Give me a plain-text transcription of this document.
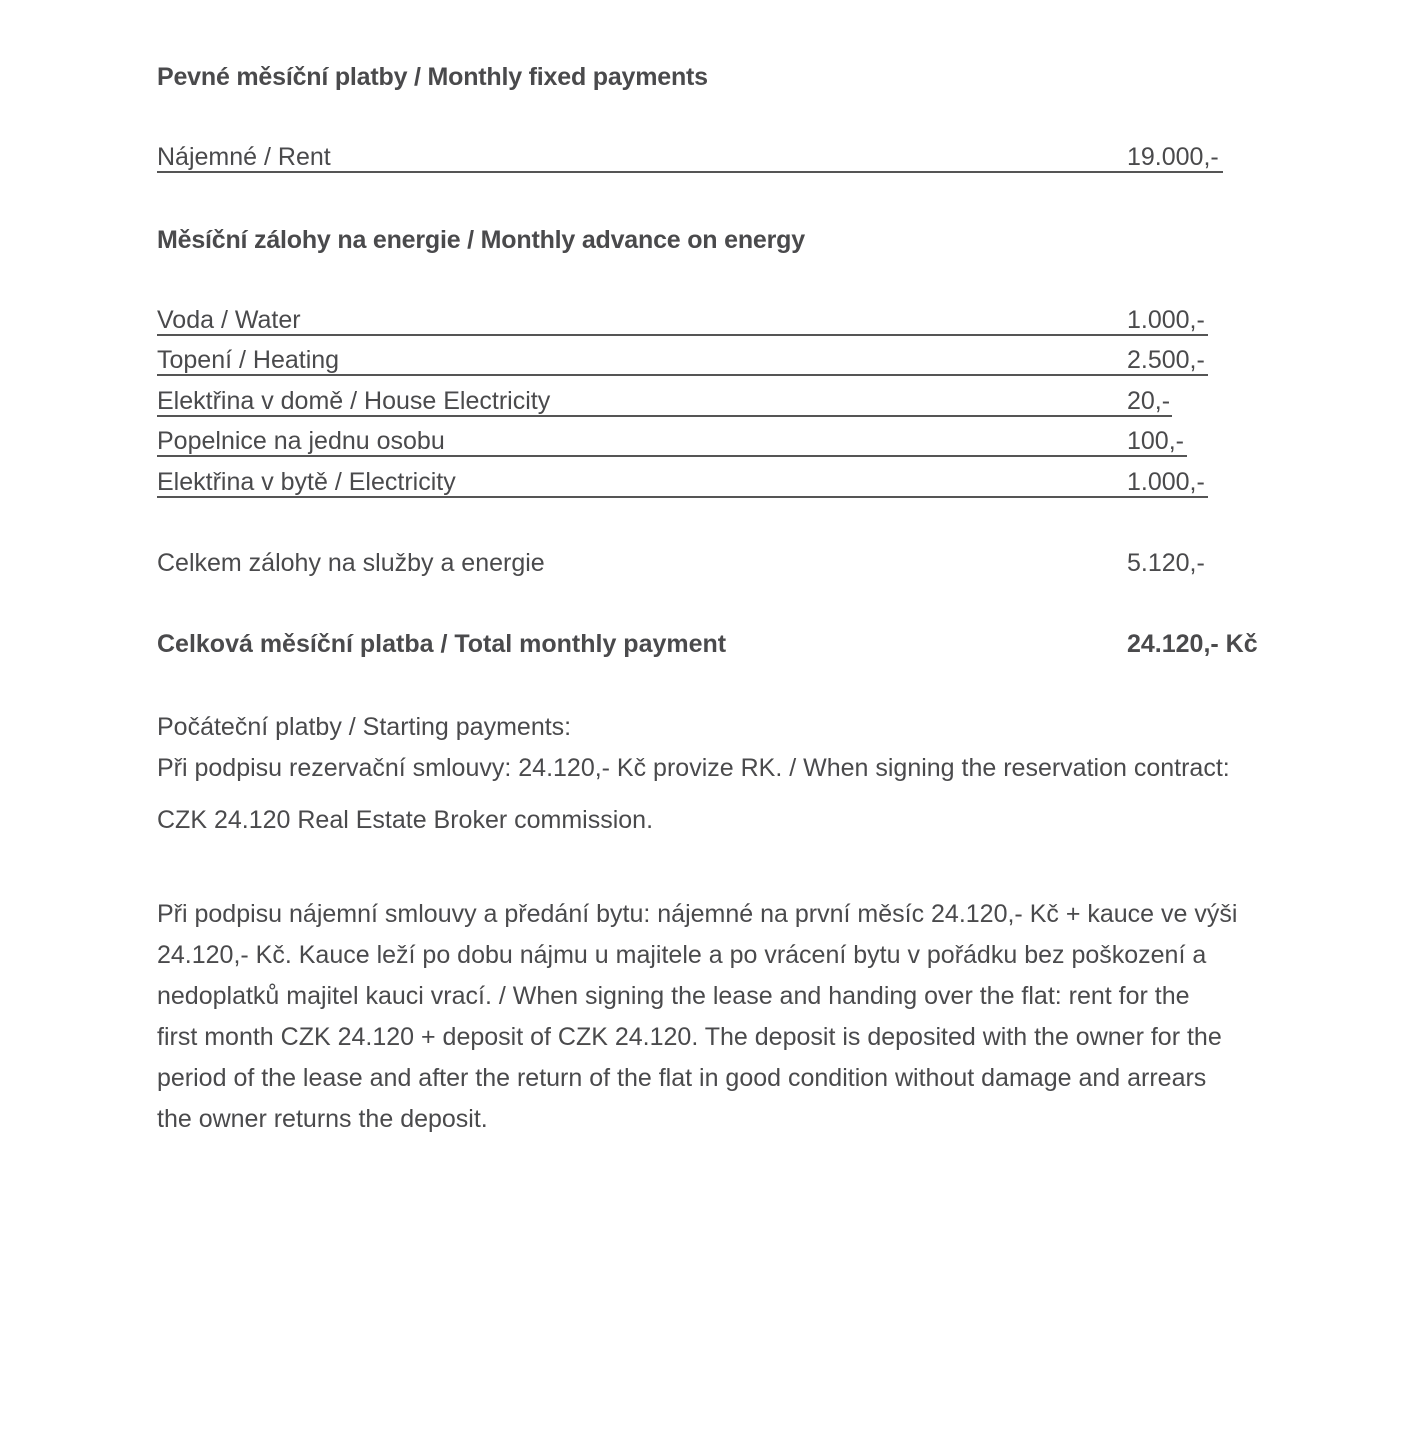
Pevné měsíční platby / Monthly fixed payments
Nájemné / Rent	19.000,-
Měsíční zálohy na energie / Monthly advance on energy
Voda / Water	1.000,-
Topení / Heating	2.500,-
Elektřina v domě / House Electricity	20,-
Popelnice na jednu osobu	100,-
Elektřina v bytě / Electricity	1.000,-
Celkem zálohy na služby a energie	5.120,-
Celková měsíční platba / Total monthly payment	24.120,- Kč
Počáteční platby / Starting payments:
Při podpisu rezervační smlouvy: 24.120,- Kč provize RK. / When signing the reservation contract:
CZK 24.120 Real Estate Broker commission.
Při podpisu nájemní smlouvy a předání bytu: nájemné na první měsíc 24.120,- Kč + kauce ve výši
24.120,- Kč. Kauce leží po dobu nájmu u majitele a po vrácení bytu v pořádku bez poškození a
nedoplatků majitel kauci vrací. / When signing the lease and handing over the flat: rent for the
first month CZK 24.120 + deposit of CZK 24.120. The deposit is deposited with the owner for the
period of the lease and after the return of the flat in good condition without damage and arrears
the owner returns the deposit.
